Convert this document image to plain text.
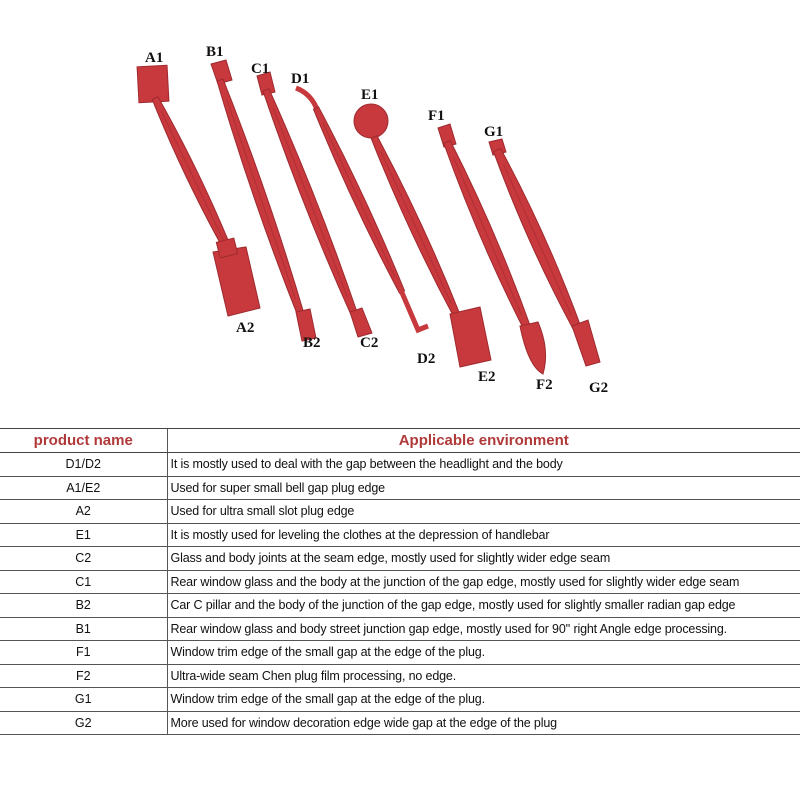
A1
A2
B1
B2
C1
C2
D1
D2
E1
E2
F1
F2
G1
G2
product name	Applicable environment
D1/D2	It is mostly used to deal with the gap between the headlight and the body
A1/E2	Used for super small bell gap plug edge
A2	Used for ultra small slot plug edge
E1	It is mostly used for leveling the clothes at the depression of handlebar
C2	Glass and body joints at the seam edge, mostly used for slightly wider edge seam
C1	Rear window glass and the body at the junction of the gap edge, mostly used for slightly wider edge seam
B2	Car C pillar and the body of the junction of the gap edge, mostly used for slightly smaller radian gap edge
B1	Rear window glass and body street junction gap edge, mostly used for 90'' right Angle edge processing.
F1	Window trim edge of the small gap at the edge of the plug.
F2	Ultra-wide seam Chen plug film processing, no edge.
G1	Window trim edge of the small gap at the edge of the plug.
G2	More used for window decoration edge wide gap at the edge of the plug
